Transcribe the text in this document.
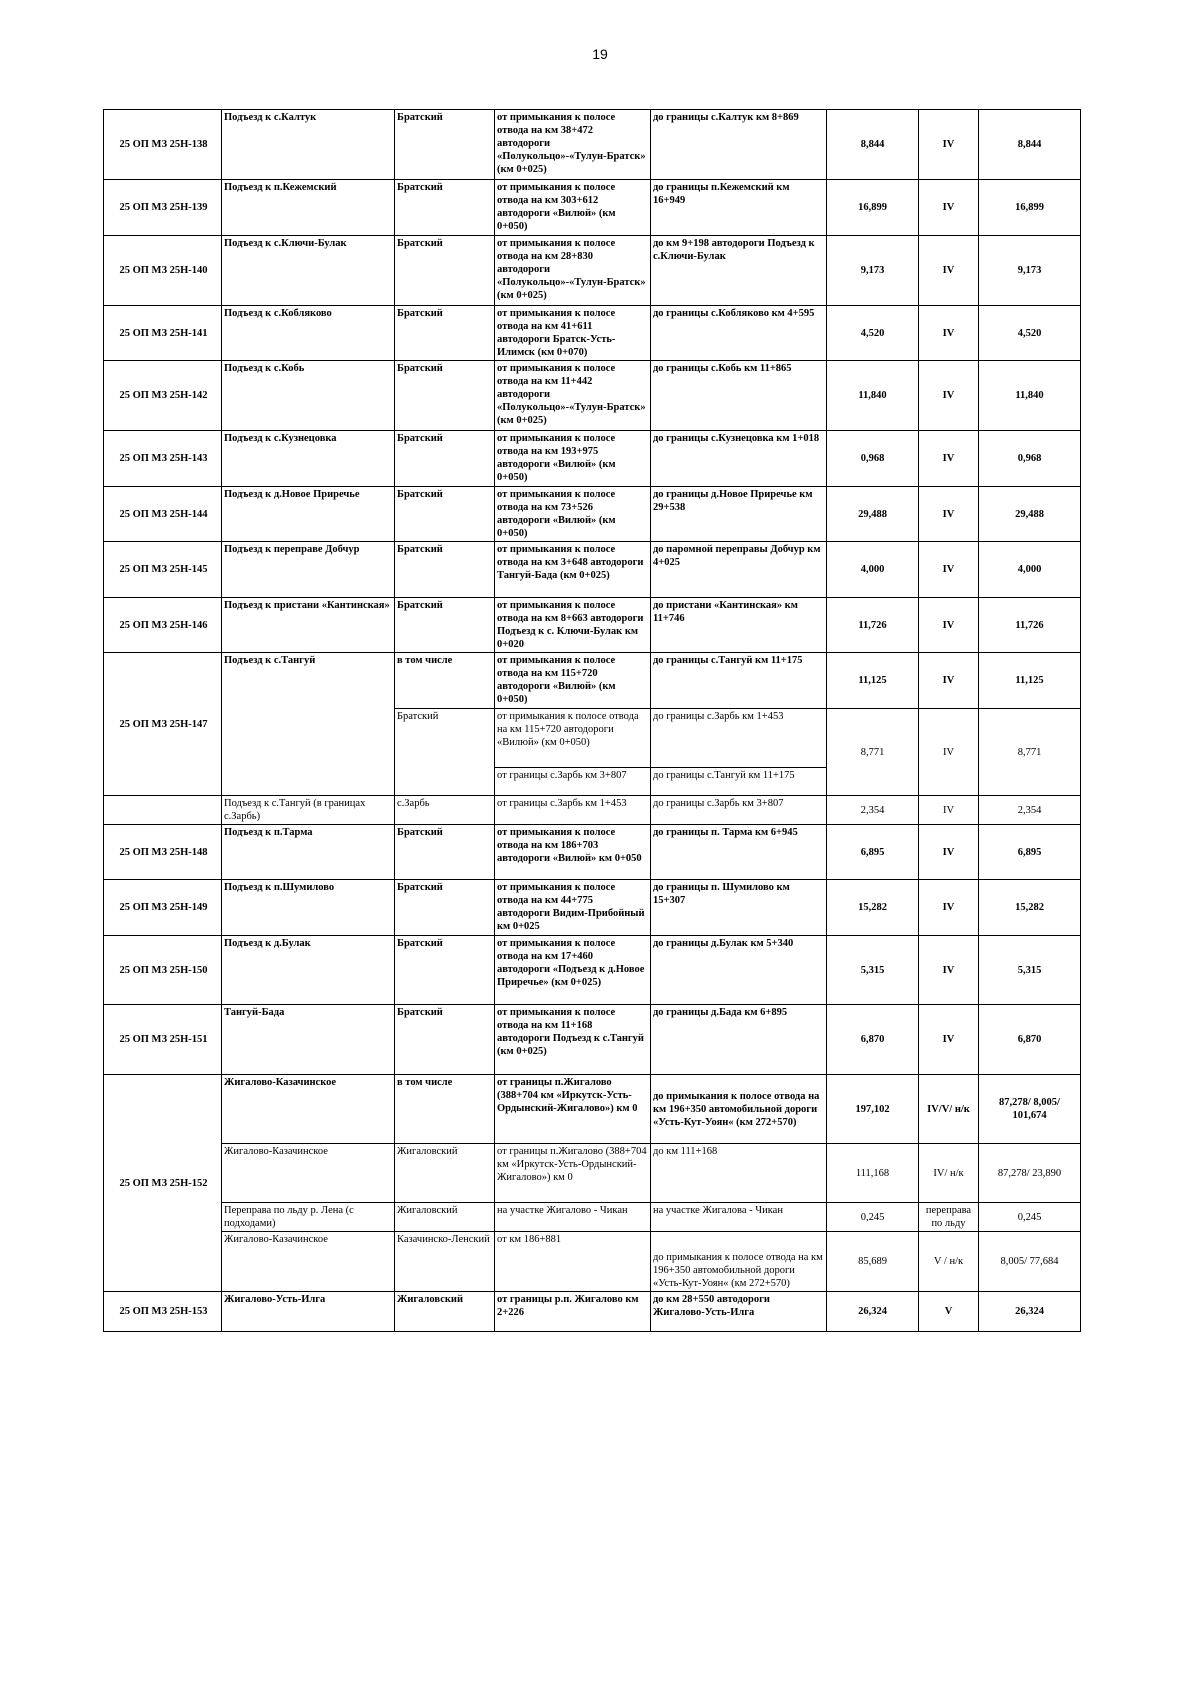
19
25 ОП МЗ 25Н-138	Подъезд к с.Калтук	Братский	от примыкания к полосе отвода на км 38+472 автодороги «Полукольцо»-«Тулун-Братск» (км 0+025)	до границы с.Калтук км 8+869	8,844	IV	8,844
25 ОП МЗ 25Н-139	Подъезд к п.Кежемский	Братский	от примыкания к полосе отвода на км 303+612 автодороги «Вилюй» (км 0+050)	до границы п.Кежемский км 16+949	16,899	IV	16,899
25 ОП МЗ 25Н-140	Подъезд к с.Ключи-Булак	Братский	от примыкания к полосе отвода на км 28+830 автодороги «Полукольцо»-«Тулун-Братск» (км 0+025)	до км 9+198 автодороги Подъезд к с.Ключи-Булак	9,173	IV	9,173
25 ОП МЗ 25Н-141	Подъезд к с.Кобляково	Братский	от примыкания к полосе отвода на км 41+611 автодороги Братск-Усть-Илимск (км 0+070)	до границы с.Кобляково км 4+595	4,520	IV	4,520
25 ОП МЗ 25Н-142	Подъезд к с.Кобь	Братский	от примыкания к полосе отвода на км 11+442 автодороги «Полукольцо»-«Тулун-Братск» (км 0+025)	до границы с.Кобь км 11+865	11,840	IV	11,840
25 ОП МЗ 25Н-143	Подъезд к с.Кузнецовка	Братский	от примыкания к полосе отвода на км 193+975 автодороги «Вилюй» (км 0+050)	до границы с.Кузнецовка км 1+018	0,968	IV	0,968
25 ОП МЗ 25Н-144	Подъезд к д.Новое Приречье	Братский	от примыкания к полосе отвода на км 73+526 автодороги «Вилюй» (км 0+050)	до границы д.Новое Приречье км 29+538	29,488	IV	29,488
25 ОП МЗ 25Н-145	Подъезд к переправе Добчур	Братский	от примыкания к полосе отвода на км 3+648 автодороги Тангуй-Бада (км 0+025)	до паромной переправы Добчур км 4+025	4,000	IV	4,000
25 ОП МЗ 25Н-146	Подъезд к пристани «Кантинская»	Братский	от примыкания к полосе отвода на км 8+663 автодороги Подъезд к с. Ключи-Булак км 0+020	до пристани «Кантинская» км 11+746	11,726	IV	11,726
25 ОП МЗ 25Н-147	Подъезд к с.Тангуй	в том числе	от примыкания к полосе отвода на км 115+720 автодороги «Вилюй» (км 0+050)	до границы с.Тангуй км 11+175	11,125	IV	11,125
		Братский	от примыкания к полосе отвода на км 115+720 автодороги «Вилюй» (км 0+050)	до границы с.Зарбь км 1+453	8,771	IV	8,771
			от границы с.Зарбь км 3+807	до границы с.Тангуй км 11+175			
	Подъезд к с.Тангуй (в границах с.Зарбь)	с.Зарбь	от границы с.Зарбь км 1+453	до границы с.Зарбь км 3+807	2,354	IV	2,354
25 ОП МЗ 25Н-148	Подъезд к п.Тарма	Братский	от примыкания к полосе отвода на км 186+703 автодороги «Вилюй» км 0+050	до границы п. Тарма км 6+945	6,895	IV	6,895
25 ОП МЗ 25Н-149	Подъезд к п.Шумилово	Братский	от примыкания к полосе отвода на км 44+775 автодороги Видим-Прибойный км 0+025	до границы п. Шумилово км 15+307	15,282	IV	15,282
25 ОП МЗ 25Н-150	Подъезд к д.Булак	Братский	от примыкания к полосе отвода на км 17+460 автодороги «Подъезд к д.Новое Приречье» (км 0+025)	до границы д.Булак км 5+340	5,315	IV	5,315
25 ОП МЗ 25Н-151	Тангуй-Бада	Братский	от примыкания к полосе отвода на км 11+168 автодороги Подъезд к с.Тангуй (км 0+025)	до границы д.Бада км 6+895	6,870	IV	6,870
25 ОП МЗ 25Н-152	Жигалово-Казачинское	в том числе	от границы п.Жигалово (388+704 км «Иркутск-Усть-Ордынский-Жигалово») км 0	до примыкания к полосе отвода на км 196+350 автомобильной дороги «Усть-Кут-Уоян« (км 272+570)	197,102	IV/V/ н/к	87,278/ 8,005/ 101,674
	Жигалово-Казачинское	Жигаловский	от границы п.Жигалово (388+704 км «Иркутск-Усть-Ордынский-Жигалово») км 0	до км 111+168	111,168	IV/ н/к	87,278/ 23,890
	Переправа по льду р. Лена (с подходами)	Жигаловский	на участке Жигалово - Чикан	на участке Жигалова - Чикан	0,245	переправа по льду	0,245
	Жигалово-Казачинское	Казачинско-Ленский	от км 186+881	до примыкания к полосе отвода на км 196+350 автомобильной дороги «Усть-Кут-Уоян« (км 272+570)	85,689	V / н/к	8,005/ 77,684
25 ОП МЗ 25Н-153	Жигалово-Усть-Илга	Жигаловский	от границы р.п. Жигалово км 2+226	до км 28+550 автодороги Жигалово-Усть-Илга	26,324	V	26,324
